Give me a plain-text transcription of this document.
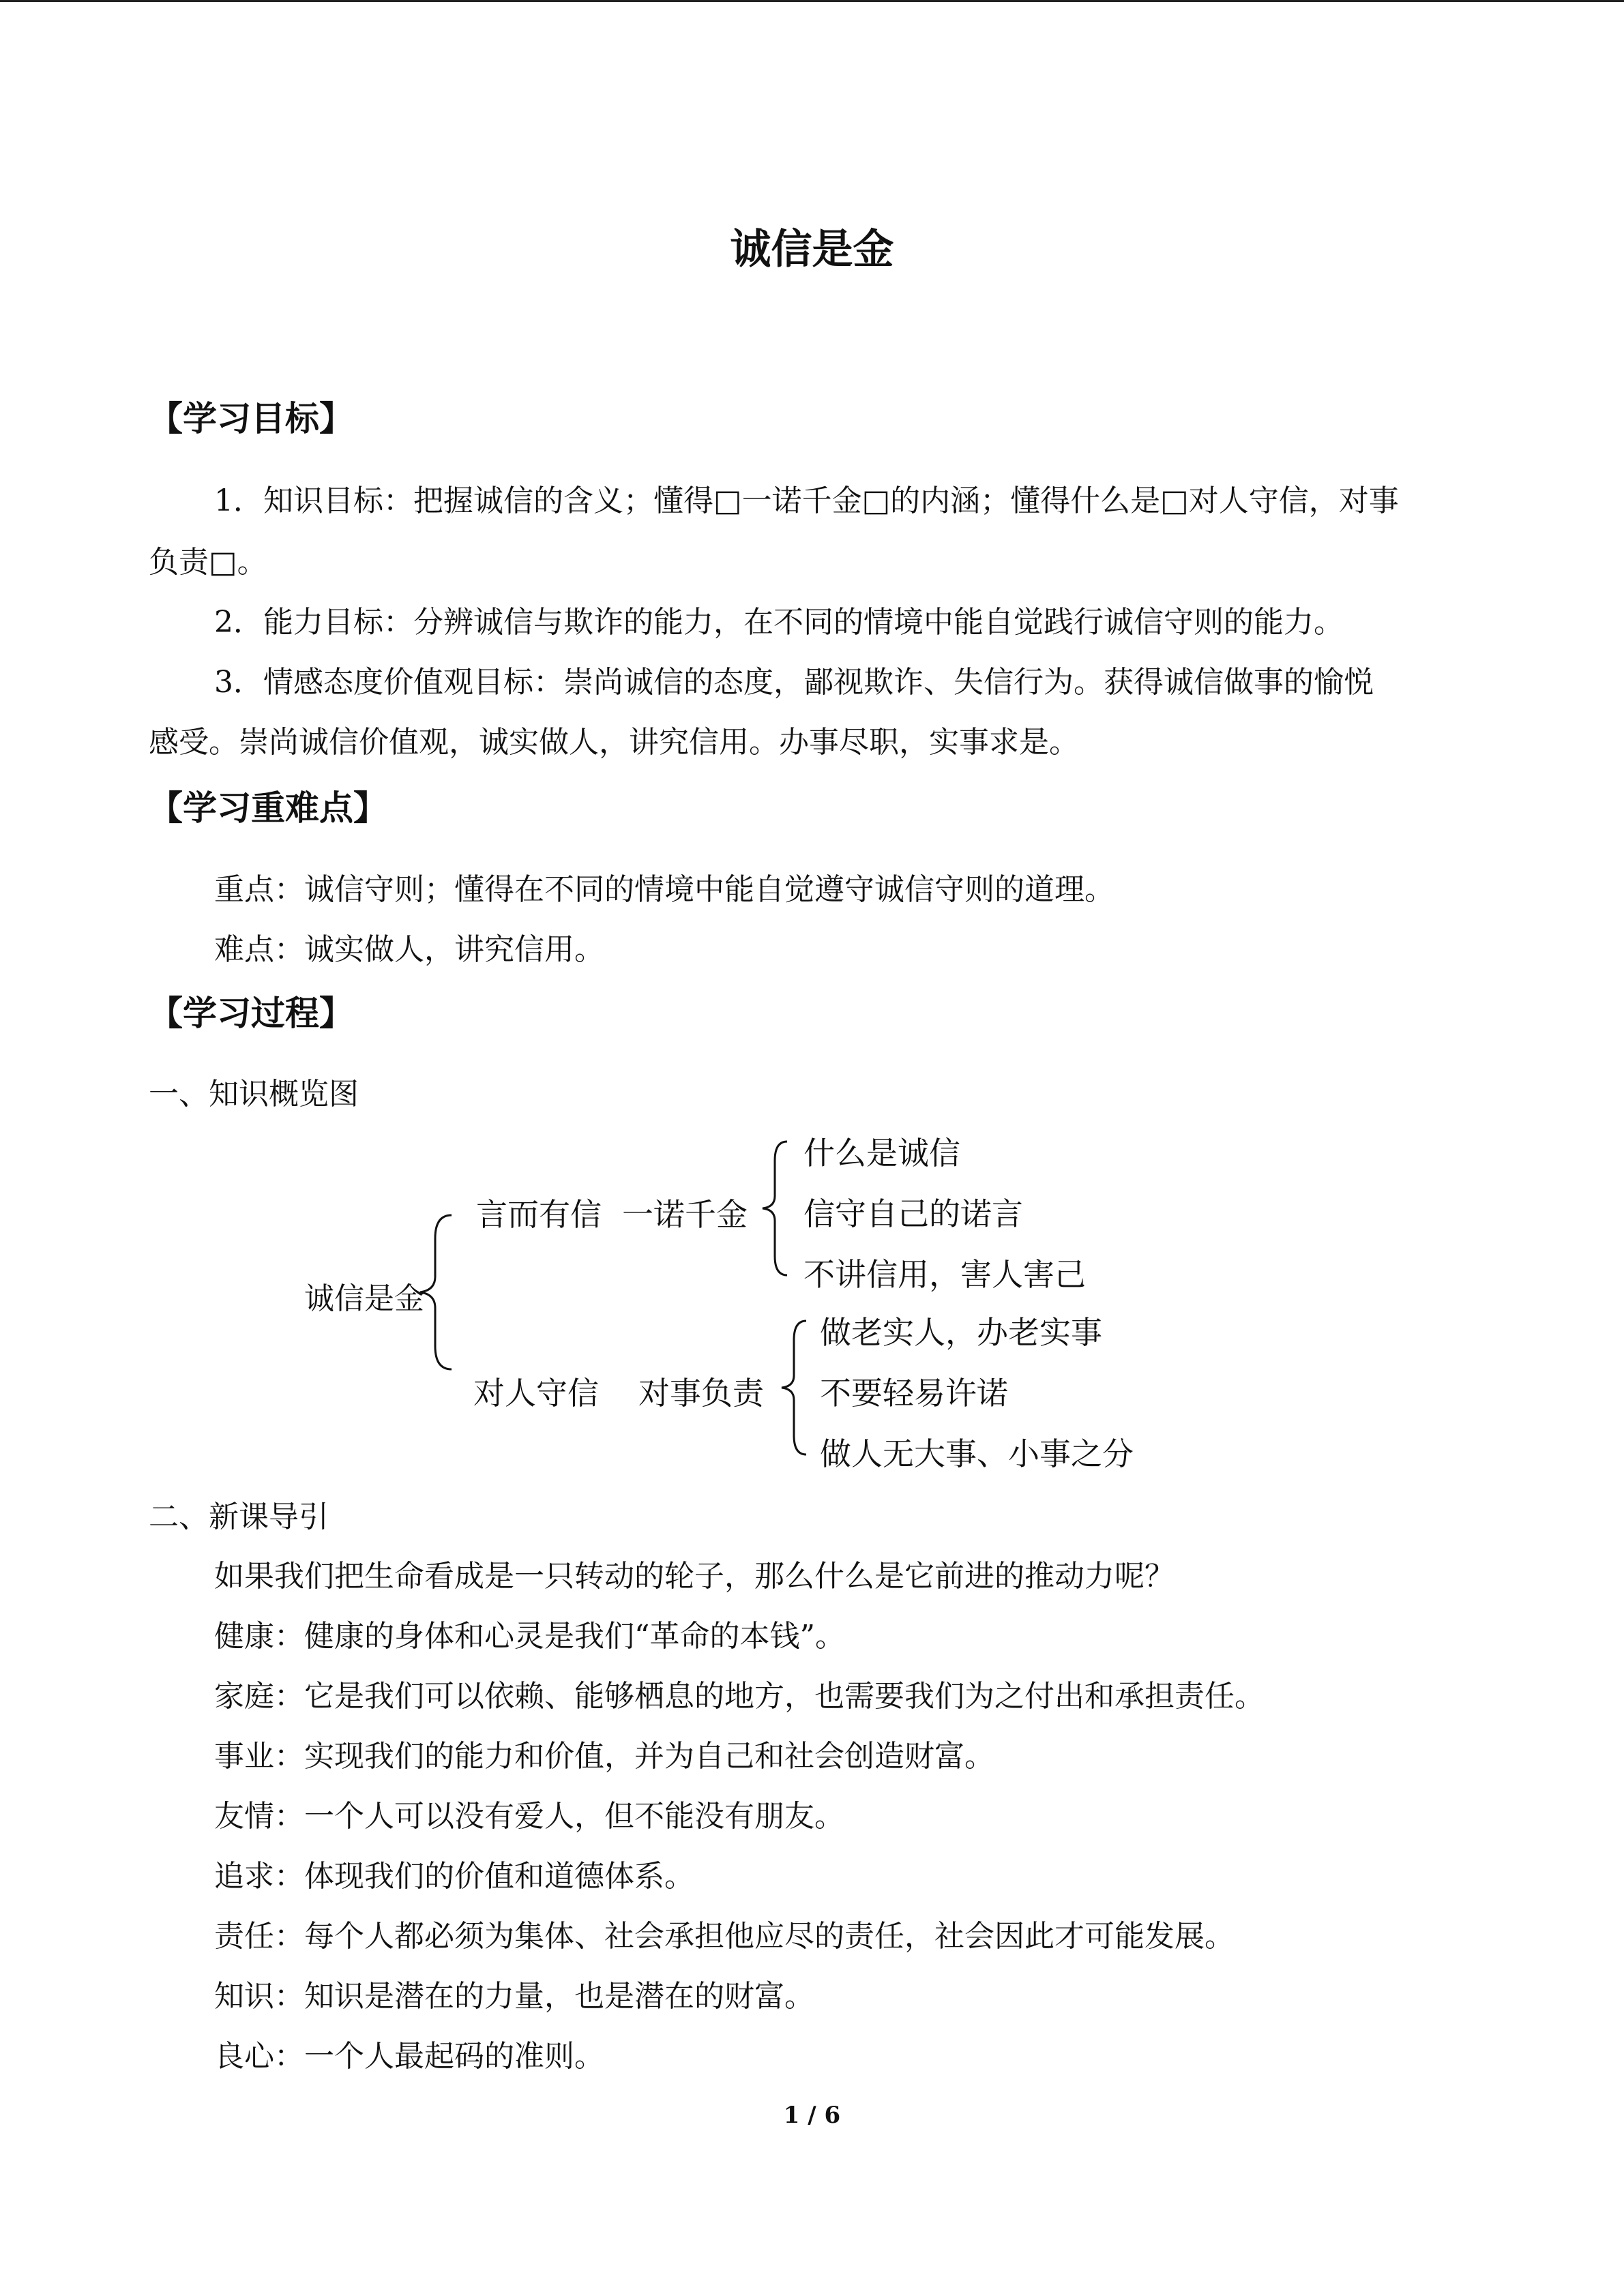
诚信是金
【学习目标】
1．知识目标：把握诚信的含义；懂得□一诺千金□的内涵；懂得什么是□对人守信，对事
负责□。
2．能力目标：分辨诚信与欺诈的能力，在不同的情境中能自觉践行诚信守则的能力。
3．情感态度价值观目标：崇尚诚信的态度，鄙视欺诈、失信行为。获得诚信做事的愉悦
感受。崇尚诚信价值观，诚实做人，讲究信用。办事尽职，实事求是。
【学习重难点】
重点：诚信守则；懂得在不同的情境中能自觉遵守诚信守则的道理。
难点：诚实做人，讲究信用。
【学习过程】
一、知识概览图
诚信是金
言而有信 一诺千金
什么是诚信
信守自己的诺言
不讲信用，害人害己
对人守信 对事负责
做老实人，办老实事
不要轻易许诺
做人无大事、小事之分
二、新课导引
如果我们把生命看成是一只转动的轮子，那么什么是它前进的推动力呢？
健康：健康的身体和心灵是我们“革命的本钱”。
家庭：它是我们可以依赖、能够栖息的地方，也需要我们为之付出和承担责任。
事业：实现我们的能力和价值，并为自己和社会创造财富。
友情：一个人可以没有爱人，但不能没有朋友。
追求：体现我们的价值和道德体系。
责任：每个人都必须为集体、社会承担他应尽的责任，社会因此才可能发展。
知识：知识是潜在的力量，也是潜在的财富。
良心：一个人最起码的准则。
1 / 6
